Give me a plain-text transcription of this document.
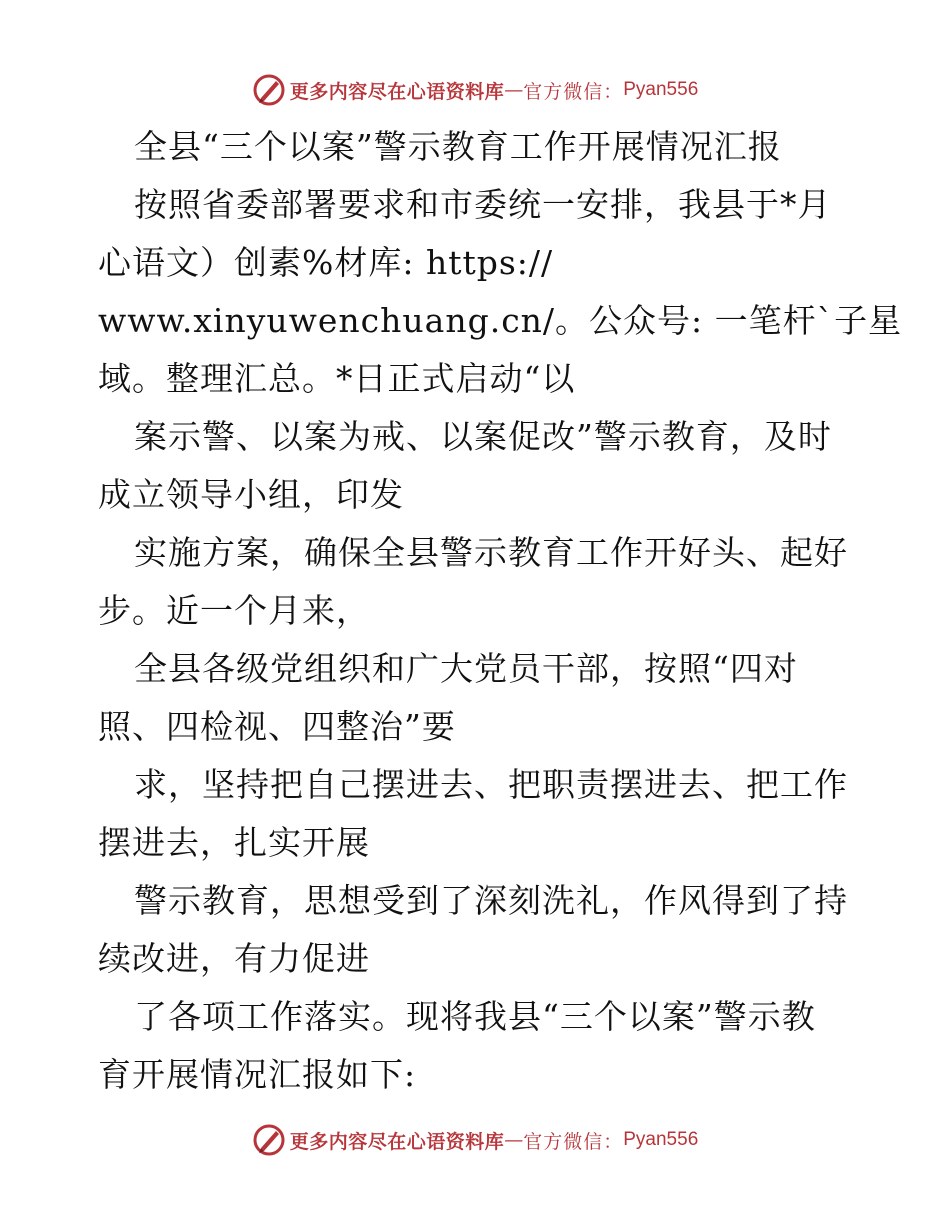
更多内容尽在心语资料库 — 官方微信： Pyan556
全县“三个以案”警示教育工作开展情况汇报
按照省委部署要求和市委统一安排，我县于*月
心语文）创素%材库: https://
www.xinyuwenchuang.cn/。公众号: 一笔杆`子星
域。整理汇总。*日正式启动“以
案示警、以案为戒、以案促改”警示教育，及时
成立领导小组，印发
实施方案，确保全县警示教育工作开好头、起好
步。近一个月来，
全县各级党组织和广大党员干部，按照“四对
照、四检视、四整治”要
求，坚持把自己摆进去、把职责摆进去、把工作
摆进去，扎实开展
警示教育，思想受到了深刻洗礼，作风得到了持
续改进，有力促进
了各项工作落实。现将我县“三个以案”警示教
育开展情况汇报如下:
更多内容尽在心语资料库 — 官方微信： Pyan556
